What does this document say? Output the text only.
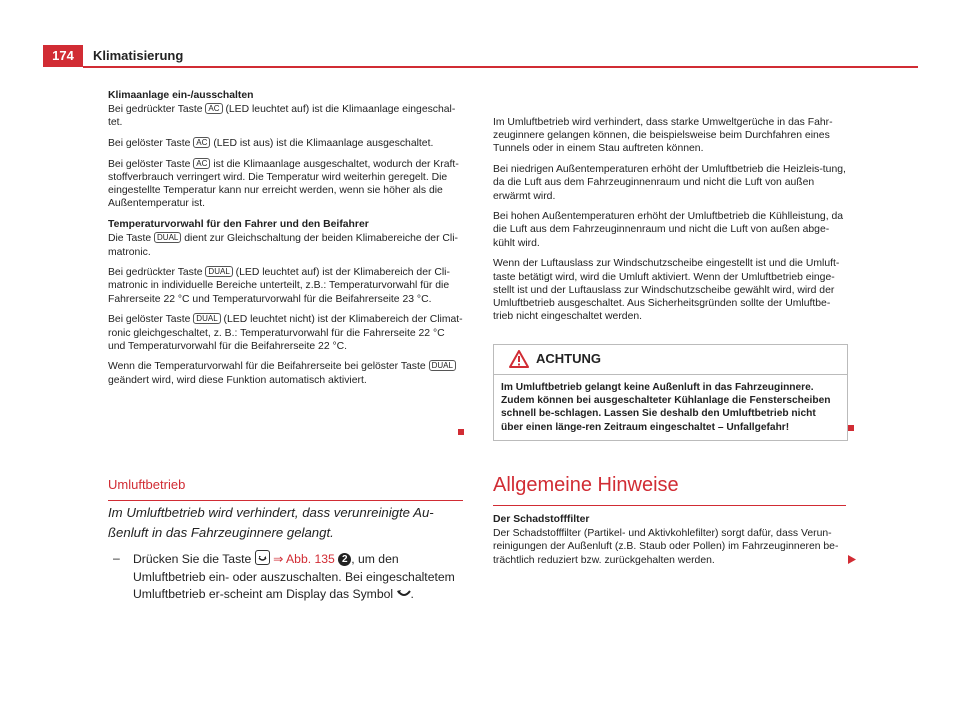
174	Klimatisierung

Klimaanlage ein-/ausschalten

Bei gedrückter Taste AC (LED leuchtet auf) ist die Klimaanlage eingeschal-tet.

Bei gelöster Taste AC (LED ist aus) ist die Klimaanlage ausgeschaltet.

Bei gelöster Taste AC ist die Klimaanlage ausgeschaltet, wodurch der Kraft-stoffverbrauch verringert wird. Die Temperatur wird weiterhin geregelt. Die eingestellte Temperatur kann nur erreicht werden, wenn sie höher als die Außentemperatur ist.

Temperaturvorwahl für den Fahrer und den Beifahrer

Die Taste DUAL dient zur Gleichschaltung der beiden Klimabereiche der Cli-matronic.

Bei gedrückter Taste DUAL (LED leuchtet auf) ist der Klimabereich der Cli-matronic in individuelle Bereiche unterteilt, z.B.: Temperaturvorwahl für die Fahrerseite 22 °C und Temperaturvorwahl für die Beifahrerseite 23 °C.

Bei gelöster Taste DUAL (LED leuchtet nicht) ist der Klimabereich der Climat-ronic gleichgeschaltet, z. B.: Temperaturvorwahl für die Fahrerseite 22 °C und Temperaturvorwahl für die Beifahrerseite 22 °C.

Wenn die Temperaturvorwahl für die Beifahrerseite bei gelöster Taste DUAL geändert wird, wird diese Funktion automatisch aktiviert.

Umluftbetrieb
Im Umluftbetrieb wird verhindert, dass verunreinigte Au-ßenluft in das Fahrzeuginnere gelangt.
–	Drücken Sie die Taste ⇒ Abb. 135 2 , um den Umluftbetrieb ein- oder auszuschalten. Bei eingeschaltetem Umluftbetrieb er-scheint am Display das Symbol .

Im Umluftbetrieb wird verhindert, dass starke Umweltgerüche in das Fahr-zeuginnere gelangen können, die beispielsweise beim Durchfahren eines Tunnels oder in einem Stau auftreten können.

Bei niedrigen Außentemperaturen erhöht der Umluftbetrieb die Heizleis-tung, da die Luft aus dem Fahrzeuginnenraum und nicht die Luft von außen erwärmt wird.

Bei hohen Außentemperaturen erhöht der Umluftbetrieb die Kühlleistung, da die Luft aus dem Fahrzeuginnenraum und nicht die Luft von außen abge-kühlt wird.

Wenn der Luftauslass zur Windschutzscheibe eingestellt ist und die Umluft-taste betätigt wird, wird die Umluft aktiviert. Wenn der Umluftbetrieb einge-stellt ist und der Luftauslass zur Windschutzscheibe gewählt wird, wird der Umluftbetrieb ausgeschaltet. Aus Sicherheitsgründen sollte der Umluftbe-trieb nicht eingeschaltet werden.

ACHTUNG
Im Umluftbetrieb gelangt keine Außenluft in das Fahrzeuginnere. Zudem können bei ausgeschalteter Kühlanlage die Fensterscheiben schnell be-schlagen. Lassen Sie deshalb den Umluftbetrieb nicht über einen länge-ren Zeitraum eingeschaltet – Unfallgefahr!
Allgemeine Hinweise

Der Schadstofffilter

Der Schadstofffilter (Partikel- und Aktivkohlefilter) sorgt dafür, dass Verun-reinigungen der Außenluft (z.B. Staub oder Pollen) im Fahrzeuginneren be-trächtlich reduziert bzw. zurückgehalten werden.
